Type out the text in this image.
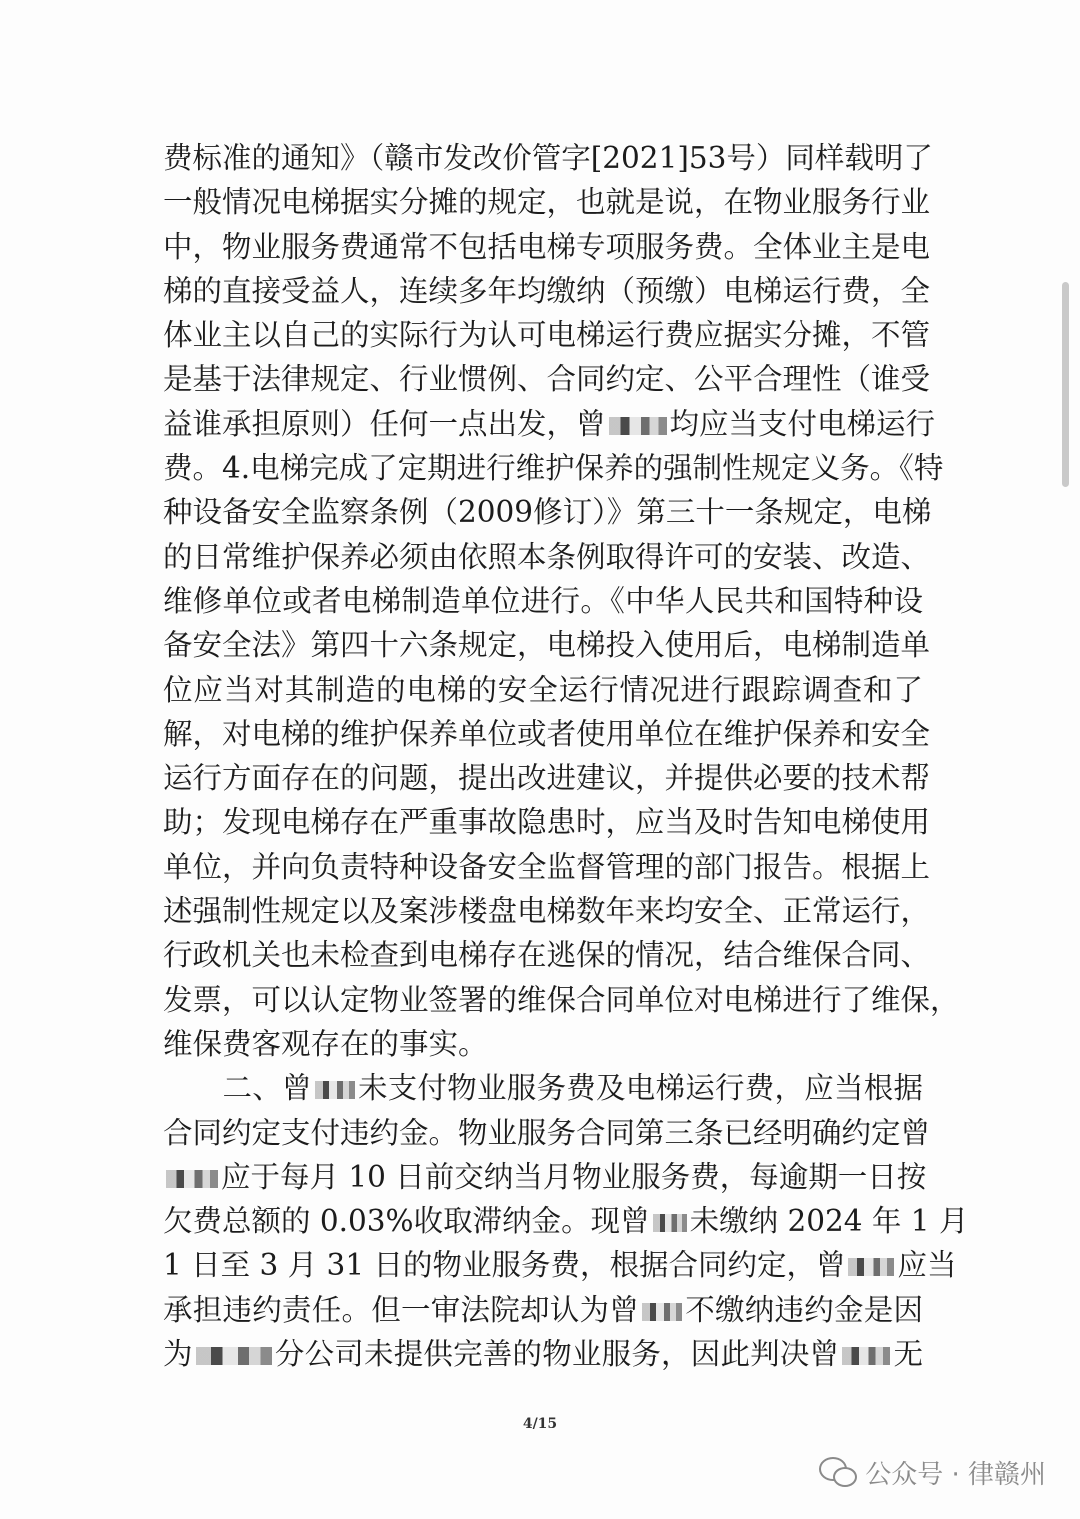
费标准的通知》（赣市发改价管字[2021]53号）同样载明了
一般情况电梯据实分摊的规定，也就是说，在物业服务行业
中，物业服务费通常不包括电梯专项服务费。全体业主是电
梯的直接受益人，连续多年均缴纳（预缴）电梯运行费，全
体业主以自己的实际行为认可电梯运行费应据实分摊，不管
是基于法律规定、行业惯例、合同约定、公平合理性（谁受
益谁承担原则）任何一点出发，曾 均应当支付电梯运行
费。4.电梯完成了定期进行维护保养的强制性规定义务。《特
种设备安全监察条例（2009修订）》第三十一条规定，电梯
的日常维护保养必须由依照本条例取得许可的安装、改造、
维修单位或者电梯制造单位进行。《中华人民共和国特种设
备安全法》第四十六条规定，电梯投入使用后，电梯制造单
位应当对其制造的电梯的安全运行情况进行跟踪调查和了
解，对电梯的维护保养单位或者使用单位在维护保养和安全
运行方面存在的问题，提出改进建议，并提供必要的技术帮
助；发现电梯存在严重事故隐患时，应当及时告知电梯使用
单位，并向负责特种设备安全监督管理的部门报告。根据上
述强制性规定以及案涉楼盘电梯数年来均安全、正常运行，
行政机关也未检查到电梯存在逃保的情况，结合维保合同、
发票，可以认定物业签署的维保合同单位对电梯进行了维保，
维保费客观存在的事实。
　　二、曾 未支付物业服务费及电梯运行费，应当根据
合同约定支付违约金。物业服务合同第三条已经明确约定曾
应于每月 10 日前交纳当月物业服务费，每逾期一日按
欠费总额的 0.03%收取滞纳金。现曾 未缴纳 2024 年 1 月
1 日至 3 月 31 日的物业服务费，根据合同约定，曾 应当
承担违约责任。但一审法院却认为曾 不缴纳违约金是因
为	分公司未提供完善的物业服务，因此判决曾 无
4/15
公众号 · 律赣州
